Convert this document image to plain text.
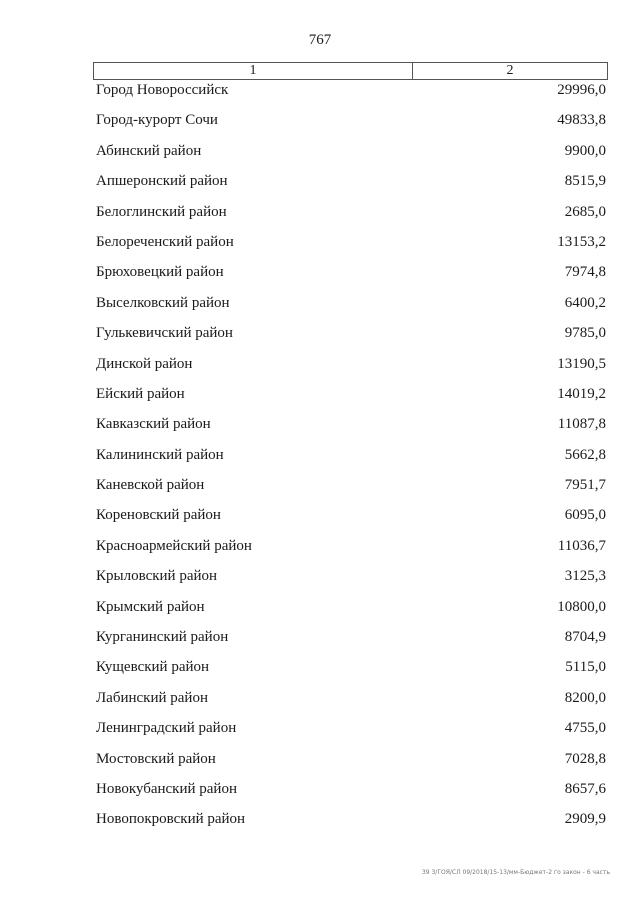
767
1	2
Город Новороссийск	29996,0
Город-курорт Сочи	49833,8
Абинский район	9900,0
Апшеронский район	8515,9
Белоглинский район	2685,0
Белореченский район	13153,2
Брюховецкий район	7974,8
Выселковский район	6400,2
Гулькевичский район	9785,0
Динской район	13190,5
Ейский район	14019,2
Кавказский район	11087,8
Калининский район	5662,8
Каневской район	7951,7
Кореновский район	6095,0
Красноармейский район	11036,7
Крыловский район	3125,3
Крымский район	10800,0
Курганинский район	8704,9
Кущевский район	5115,0
Лабинский район	8200,0
Ленинградский район	4755,0
Мостовский район	7028,8
Новокубанский район	8657,6
Новопокровский район	2909,9
39 3/ГОЯ/СЛ 09/2018/15-13/мм-Бюджет-2 го закон - 6 часть
